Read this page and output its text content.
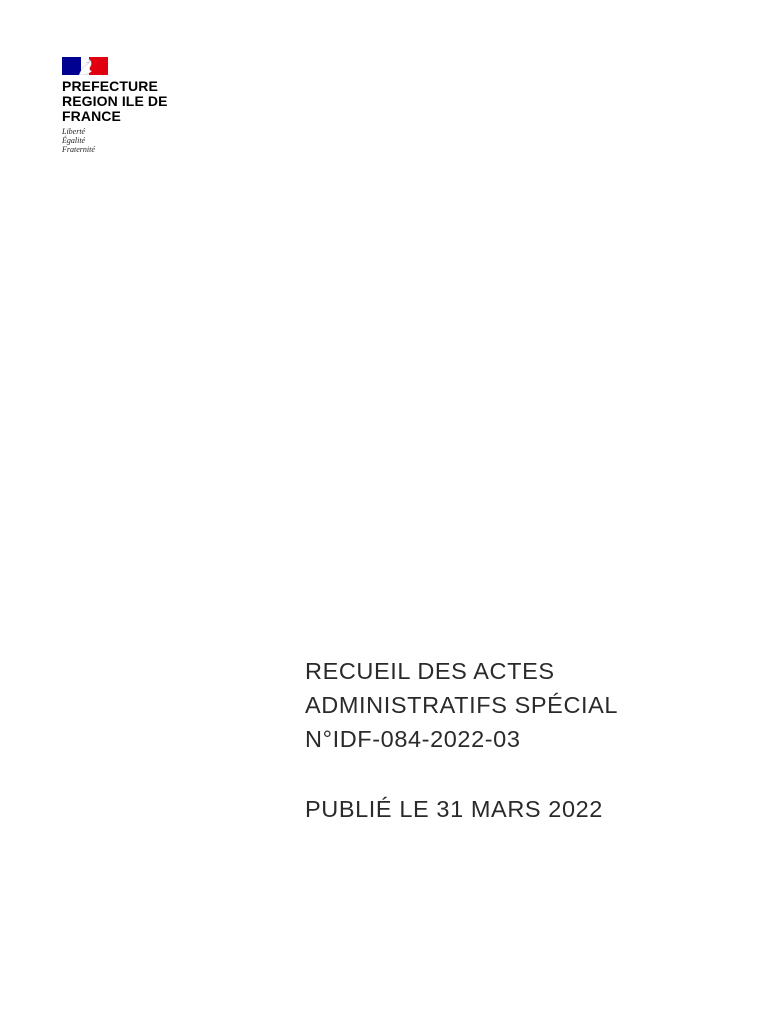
PREFECTURE
REGION ILE DE
FRANCE
Liberté
Égalité
Fraternité
RECUEIL DES ACTES
ADMINISTRATIFS SPÉCIAL
N°IDF-084-2022-03
PUBLIÉ LE 31 MARS 2022
